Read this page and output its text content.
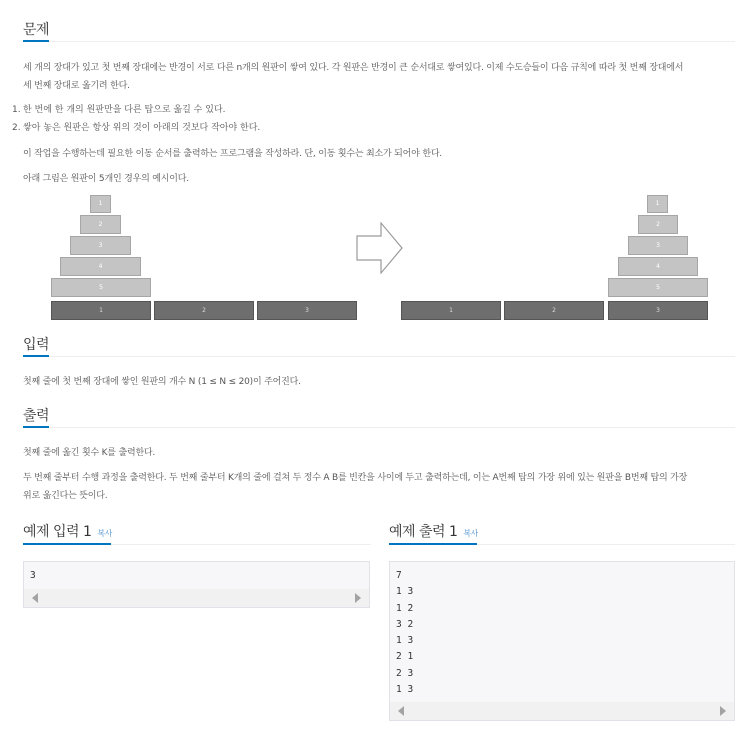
문제
세 개의 장대가 있고 첫 번째 장대에는 반경이 서로 다른 n개의 원판이 쌓여 있다. 각 원판은 반경이 큰 순서대로 쌓여있다. 이제 수도승들이 다음 규칙에 따라 첫 번째 장대에서
세 번째 장대로 옮기려 한다.
1. 한 번에 한 개의 원판만을 다른 탑으로 옮길 수 있다.
2. 쌓아 놓은 원판은 항상 위의 것이 아래의 것보다 작아야 한다.
이 작업을 수행하는데 필요한 이동 순서를 출력하는 프로그램을 작성하라. 단, 이동 횟수는 최소가 되어야 한다.
아래 그림은 원판이 5개인 경우의 예시이다.
1
2
3
4
5
1	2	3	1	2	3
1
2
3
4
5
입력
첫째 줄에 첫 번째 장대에 쌓인 원판의 개수 N (1 ≤ N ≤ 20)이 주어진다.
출력
첫째 줄에 옮긴 횟수 K를 출력한다.
두 번째 줄부터 수행 과정을 출력한다. 두 번째 줄부터 K개의 줄에 걸쳐 두 정수 A B를 빈칸을 사이에 두고 출력하는데, 이는 A번째 탑의 가장 위에 있는 원판을 B번째 탑의 가장
위로 옮긴다는 뜻이다.
예제 입력 1 복사
3
예제 출력 1 복사
7
1 3
1 2
3 2
1 3
2 1
2 3
1 3
